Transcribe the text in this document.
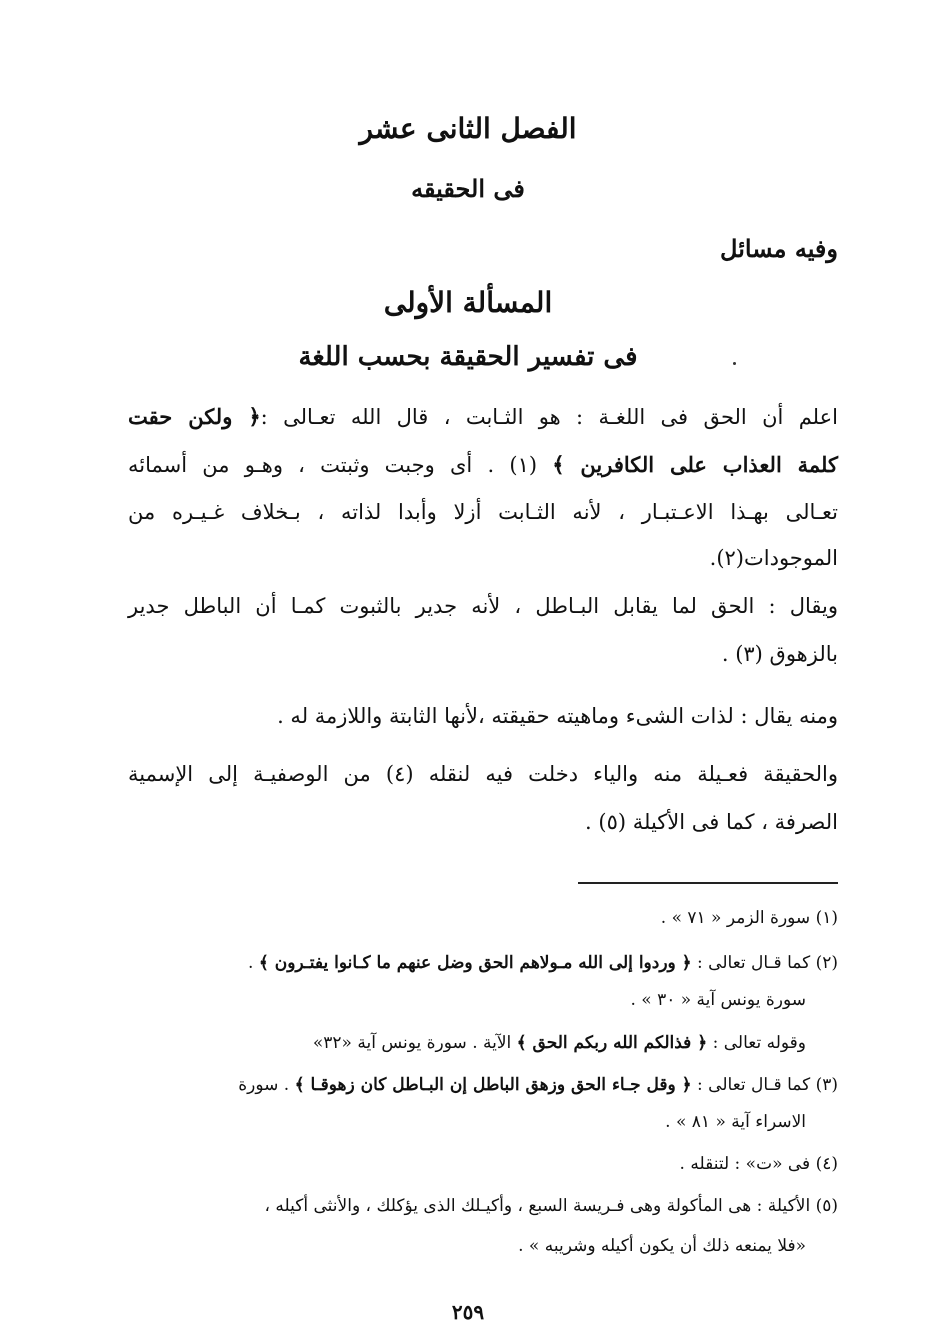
الفصل الثانى عشر
فى الحقيقه
وفيه مسائل
المسألة الأولى
فى تفسير الحقيقة بحسب اللغة
اعلم أن الحق فى اللغـة : هو الثـابت ، قال الله تعـالى :﴿ ولكن حقت
كلمة العذاب على الكافرين ﴾ (١) . أى وجبت وثبتت ، وهـو من أسمائه
تعـالى بهـذا الاعـتبـار ، لأنه الثـابت أزلا وأبدا لذاته ، بـخلاف غـيـره من
الموجودات(٢).
ويقال : الحق لما يقابل البـاطل ، لأنه جدير بالثبوت كمـا أن الباطل جدير
بالزهوق (٣) .
ومنه يقال : لذات الشىء وماهيته حقيقته ،لأنها الثابتة واللازمة له .
والحقيقة فعـيلة منه والياء دخلت فيه لنقله (٤) من الوصفيـة إلى الإسمية
الصرفة ، كما فى الأكيلة (٥) .
(١) سورة الزمر « ٧١ » .
(٢) كما قـال تعالى : ﴿ وردوا إلى الله مـولاهم الحق وضل عنهم ما كـانوا يفتـرون ﴾ .
سورة يونس آية « ٣٠ » .
وقوله تعالى : ﴿ فذالكم الله ربكم الحق ﴾ الآية . سورة يونس آية «٣٢»
(٣) كما قـال تعالى : ﴿ وقل جـاء الحق وزهق الباطل إن البـاطل كان زهوقـا ﴾ . سورة
الاسراء آية « ٨١ » .
(٤) فى «ت» : لتنقله .
(٥) الأكيلة : هى المأكولة وهى فـريسة السبع ، وأكيـلك الذى يؤكلك ، والأنثى أكيله ،
«فلا يمنعه ذلك أن يكون أكيله وشريبه » .
٢٥٩
